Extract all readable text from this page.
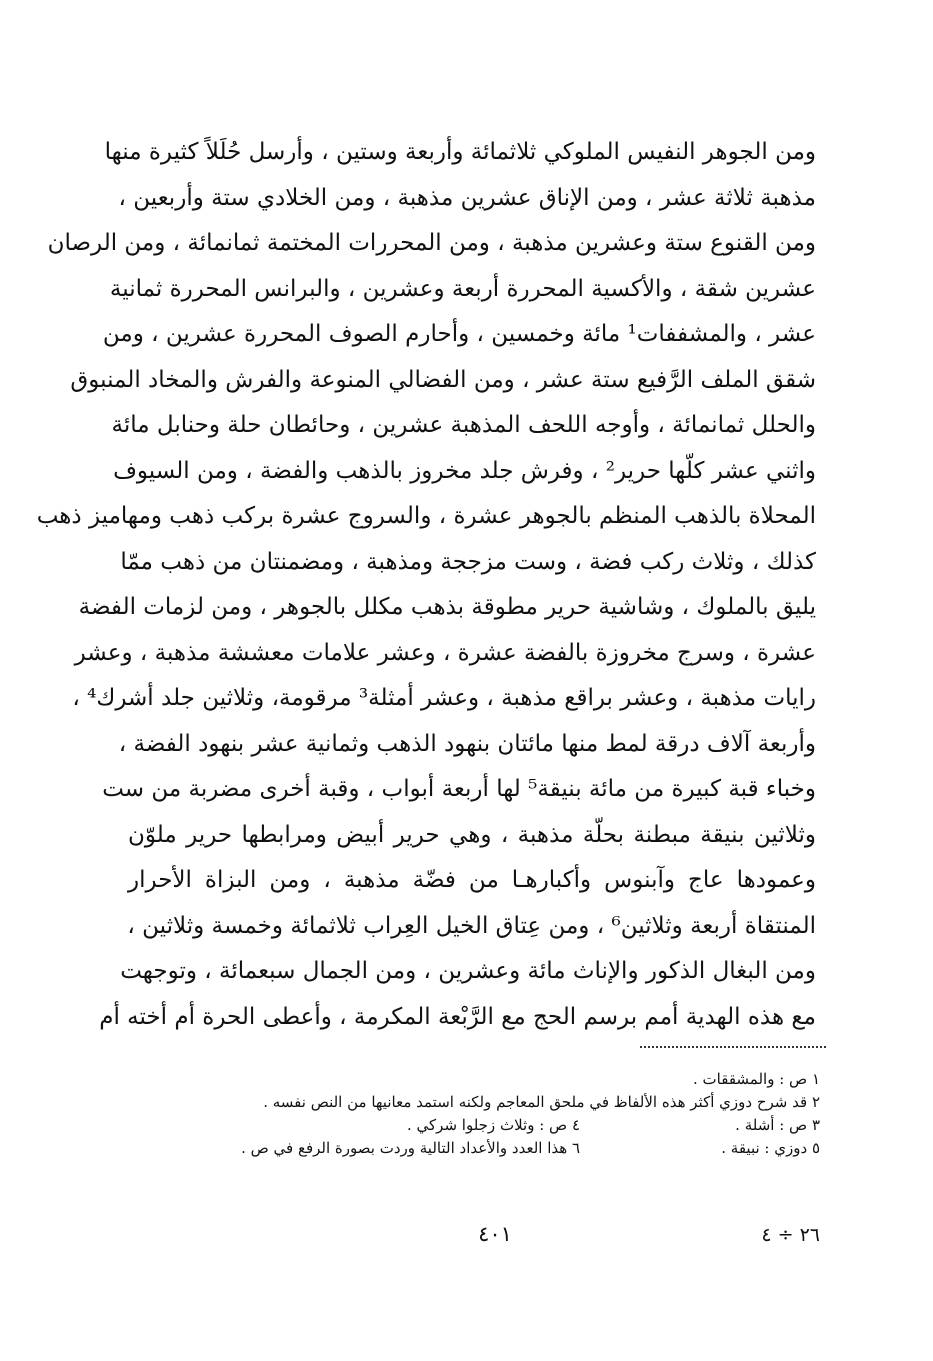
ومن الجوهر النفيس الملوكي ثلاثمائة وأربعة وستين ، وأرسل حُلَلاً كثيرة منها
مذهبة ثلاثة عشر ، ومن الإناق عشرين مذهبة ، ومن الخلادي ستة وأربعين ،
ومن القنوع ستة وعشرين مذهبة ، ومن المحررات المختمة ثمانمائة ، ومن الرصان
عشرين شقة ، والأكسية المحررة أربعة وعشرين ، والبرانس المحررة ثمانية
عشر ، والمشففات¹ مائة وخمسين ، وأحارم الصوف المحررة عشرين ، ومن
شقق الملف الرَّفيع ستة عشر ، ومن الفضالي المنوعة والفرش والمخاد المنبوق
والحلل ثمانمائة ، وأوجه اللحف المذهبة عشرين ، وحائطان حلة وحنابل مائة
واثني عشر كلّها حرير² ، وفرش جلد مخروز بالذهب والفضة ، ومن السيوف
المحلاة بالذهب المنظم بالجوهر عشرة ، والسروج عشرة بركب ذهب ومهاميز ذهب
كذلك ، وثلاث ركب فضة ، وست مزججة ومذهبة ، ومضمنتان من ذهب ممّا
يليق بالملوك ، وشاشية حرير مطوقة بذهب مكلل بالجوهر ، ومن لزمات الفضة
عشرة ، وسرج مخروزة بالفضة عشرة ، وعشر علامات معششة مذهبة ، وعشر
رايات مذهبة ، وعشر براقع مذهبة ، وعشر أمثلة³ مرقومة، وثلاثين جلد أشرك⁴ ،
وأربعة آلاف درقة لمط منها مائتان بنهود الذهب وثمانية عشر بنهود الفضة ،
وخباء قبة كبيرة من مائة بنيقة⁵ لها أربعة أبواب ، وقبة أخرى مضربة من ست
وثلاثين بنيقة مبطنة بحلّة مذهبة ، وهي حرير أبيض ومرابطها حرير ملوّن
وعمودها عاج وآبنوس وأكبارهـا من فضّة مذهبة ، ومن البزاة الأحرار
المنتقاة أربعة وثلاثين⁶ ، ومن عِتاق الخيل العِراب ثلاثمائة وخمسة وثلاثين ،
ومن البغال الذكور والإناث مائة وعشرين ، ومن الجمال سبعمائة ، وتوجهت
مع هذه الهدية أمم برسم الحج مع الرَّبْعة المكرمة ، وأعطى الحرة أم أخته أم
١ ص : والمشققات .
٢ قد شرح دوزي أكثر هذه الألفاظ في ملحق المعاجم ولكنه استمد معانيها من النص نفسه .
٣ ص : أشلة .
٤ ص : وثلاث زجلوا شركي .
٥ دوزي : نبيقة .
٦ هذا العدد والأعداد التالية وردت بصورة الرفع في ص .
٤٠١	٢٦ ÷ ٤
